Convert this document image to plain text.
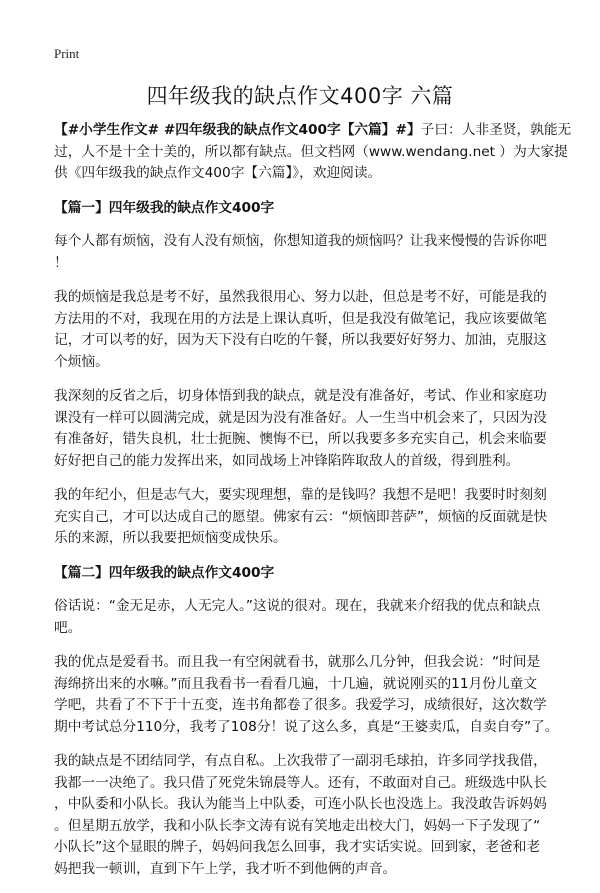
Print
四年级我的缺点作文400字 六篇
【#小学生作文# #四年级我的缺点作文400字【六篇】#】子曰：人非圣贤，孰能无
过，人不是十全十美的，所以都有缺点。但文档网（www.wendang.net ）为大家提
供《四年级我的缺点作文400字【六篇】》，欢迎阅读。
【篇一】四年级我的缺点作文400字
每个人都有烦恼，没有人没有烦恼，你想知道我的烦恼吗？让我来慢慢的告诉你吧
！
我的烦恼是我总是考不好，虽然我很用心、努力以赴，但总是考不好，可能是我的
方法用的不对，我现在用的方法是上课认真听，但是我没有做笔记，我应该要做笔
记，才可以考的好，因为天下没有白吃的午餐，所以我要好好努力、加油，克服这
个烦恼。
我深刻的反省之后，切身体悟到我的缺点，就是没有准备好，考试、作业和家庭功
课没有一样可以圆满完成，就是因为没有准备好。人一生当中机会来了，只因为没
有准备好，错失良机，壮士扼腕、懊悔不已，所以我要多多充实自己，机会来临要
好好把自己的能力发挥出来，如同战场上冲锋陷阵取敌人的首级，得到胜利。
我的年纪小，但是志气大，要实现理想，靠的是钱吗？我想不是吧！我要时时刻刻
充实自己，才可以达成自己的愿望。佛家有云：“烦恼即菩萨”，烦恼的反面就是快
乐的来源，所以我要把烦恼变成快乐。
【篇二】四年级我的缺点作文400字
俗话说：“金无足赤，人无完人。”这说的很对。现在，我就来介绍我的优点和缺点
吧。
我的优点是爱看书。而且我一有空闲就看书，就那么几分钟，但我会说：“时间是
海绵挤出来的水嘛。”而且我看书一看看几遍，十几遍，就说刚买的11月份儿童文
学吧，共看了不下于十五变，连书角都卷了很多。我爱学习，成绩很好，这次数学
期中考试总分110分，我考了108分！说了这么多，真是“王婆卖瓜，自卖自夸”了。
我的缺点是不团结同学，有点自私。上次我带了一副羽毛球拍，许多同学找我借，
我都一一决绝了。我只借了死党朱锦晨等人。还有，不敢面对自己。班级选中队长
，中队委和小队长。我认为能当上中队委，可连小队长也没选上。我没敢告诉妈妈
。但星期五放学，我和小队长李文涛有说有笑地走出校大门，妈妈一下子发现了“
小队长”这个显眼的牌子，妈妈问我怎么回事，我才实话实说。回到家，老爸和老
妈把我一顿训，直到下午上学，我才听不到他俩的声音。
